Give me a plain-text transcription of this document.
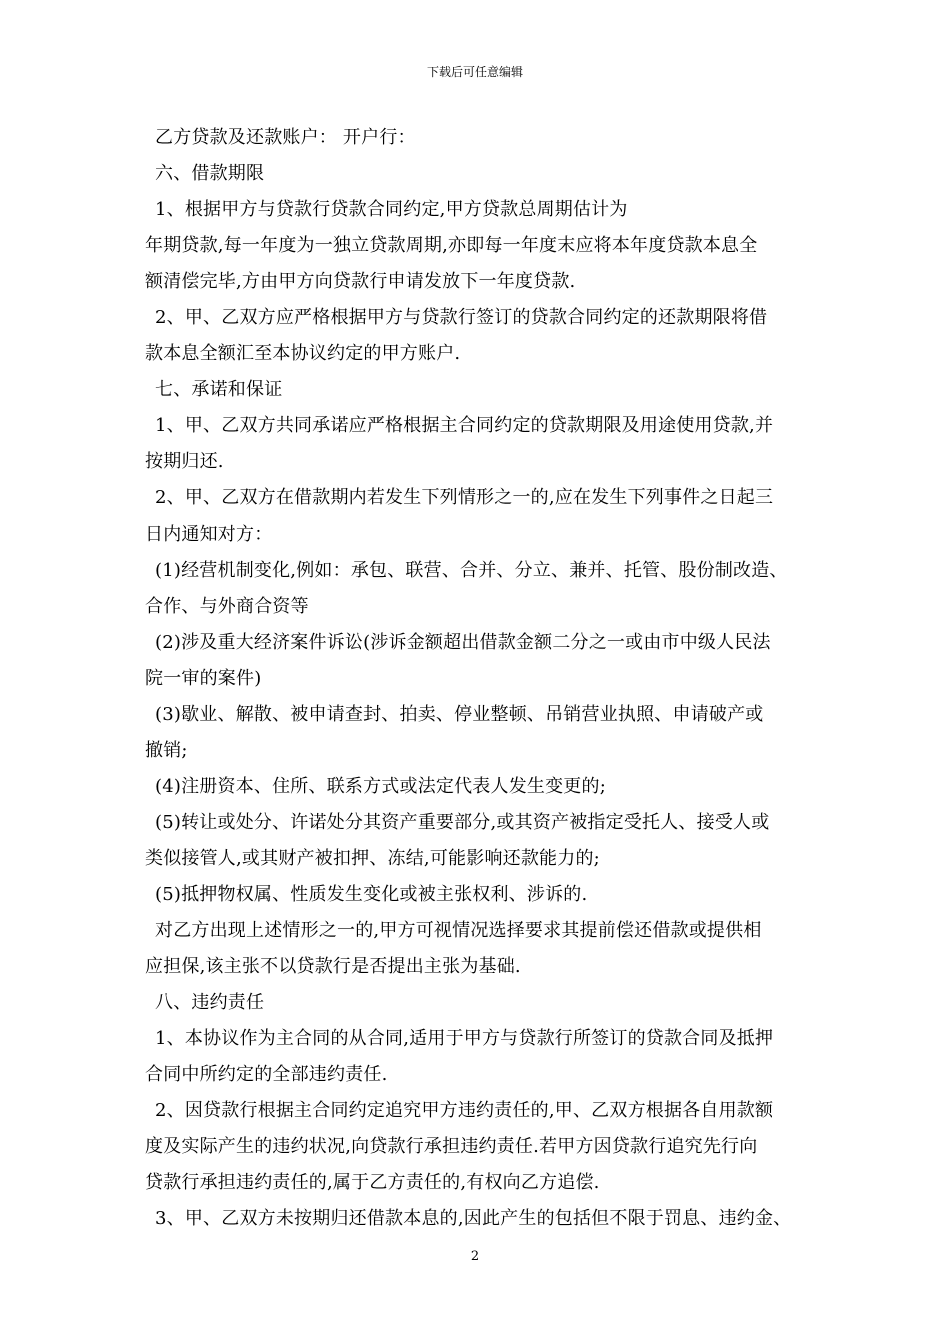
下载后可任意编辑
乙方贷款及还款账户： 开户行：
六、借款期限
1、根据甲方与贷款行贷款合同约定,甲方贷款总周期估计为
年期贷款,每一年度为一独立贷款周期,亦即每一年度末应将本年度贷款本息全
额清偿完毕,方由甲方向贷款行申请发放下一年度贷款.
2、甲、乙双方应严格根据甲方与贷款行签订的贷款合同约定的还款期限将借
款本息全额汇至本协议约定的甲方账户.
七、承诺和保证
1、甲、乙双方共同承诺应严格根据主合同约定的贷款期限及用途使用贷款,并
按期归还.
2、甲、乙双方在借款期内若发生下列情形之一的,应在发生下列事件之日起三
日内通知对方：
(1)经营机制变化,例如：承包、联营、合并、分立、兼并、托管、股份制改造、
合作、与外商合资等
(2)涉及重大经济案件诉讼(涉诉金额超出借款金额二分之一或由市中级人民法
院一审的案件)
(3)歇业、解散、被申请查封、拍卖、停业整顿、吊销营业执照、申请破产或
撤销;
(4)注册资本、住所、联系方式或法定代表人发生变更的;
(5)转让或处分、许诺处分其资产重要部分,或其资产被指定受托人、接受人或
类似接管人,或其财产被扣押、冻结,可能影响还款能力的;
(5)抵押物权属、性质发生变化或被主张权利、涉诉的.
对乙方出现上述情形之一的,甲方可视情况选择要求其提前偿还借款或提供相
应担保,该主张不以贷款行是否提出主张为基础.
八、违约责任
1、本协议作为主合同的从合同,适用于甲方与贷款行所签订的贷款合同及抵押
合同中所约定的全部违约责任.
2、因贷款行根据主合同约定追究甲方违约责任的,甲、乙双方根据各自用款额
度及实际产生的违约状况,向贷款行承担违约责任.若甲方因贷款行追究先行向
贷款行承担违约责任的,属于乙方责任的,有权向乙方追偿.
3、甲、乙双方未按期归还借款本息的,因此产生的包括但不限于罚息、违约金、
2
